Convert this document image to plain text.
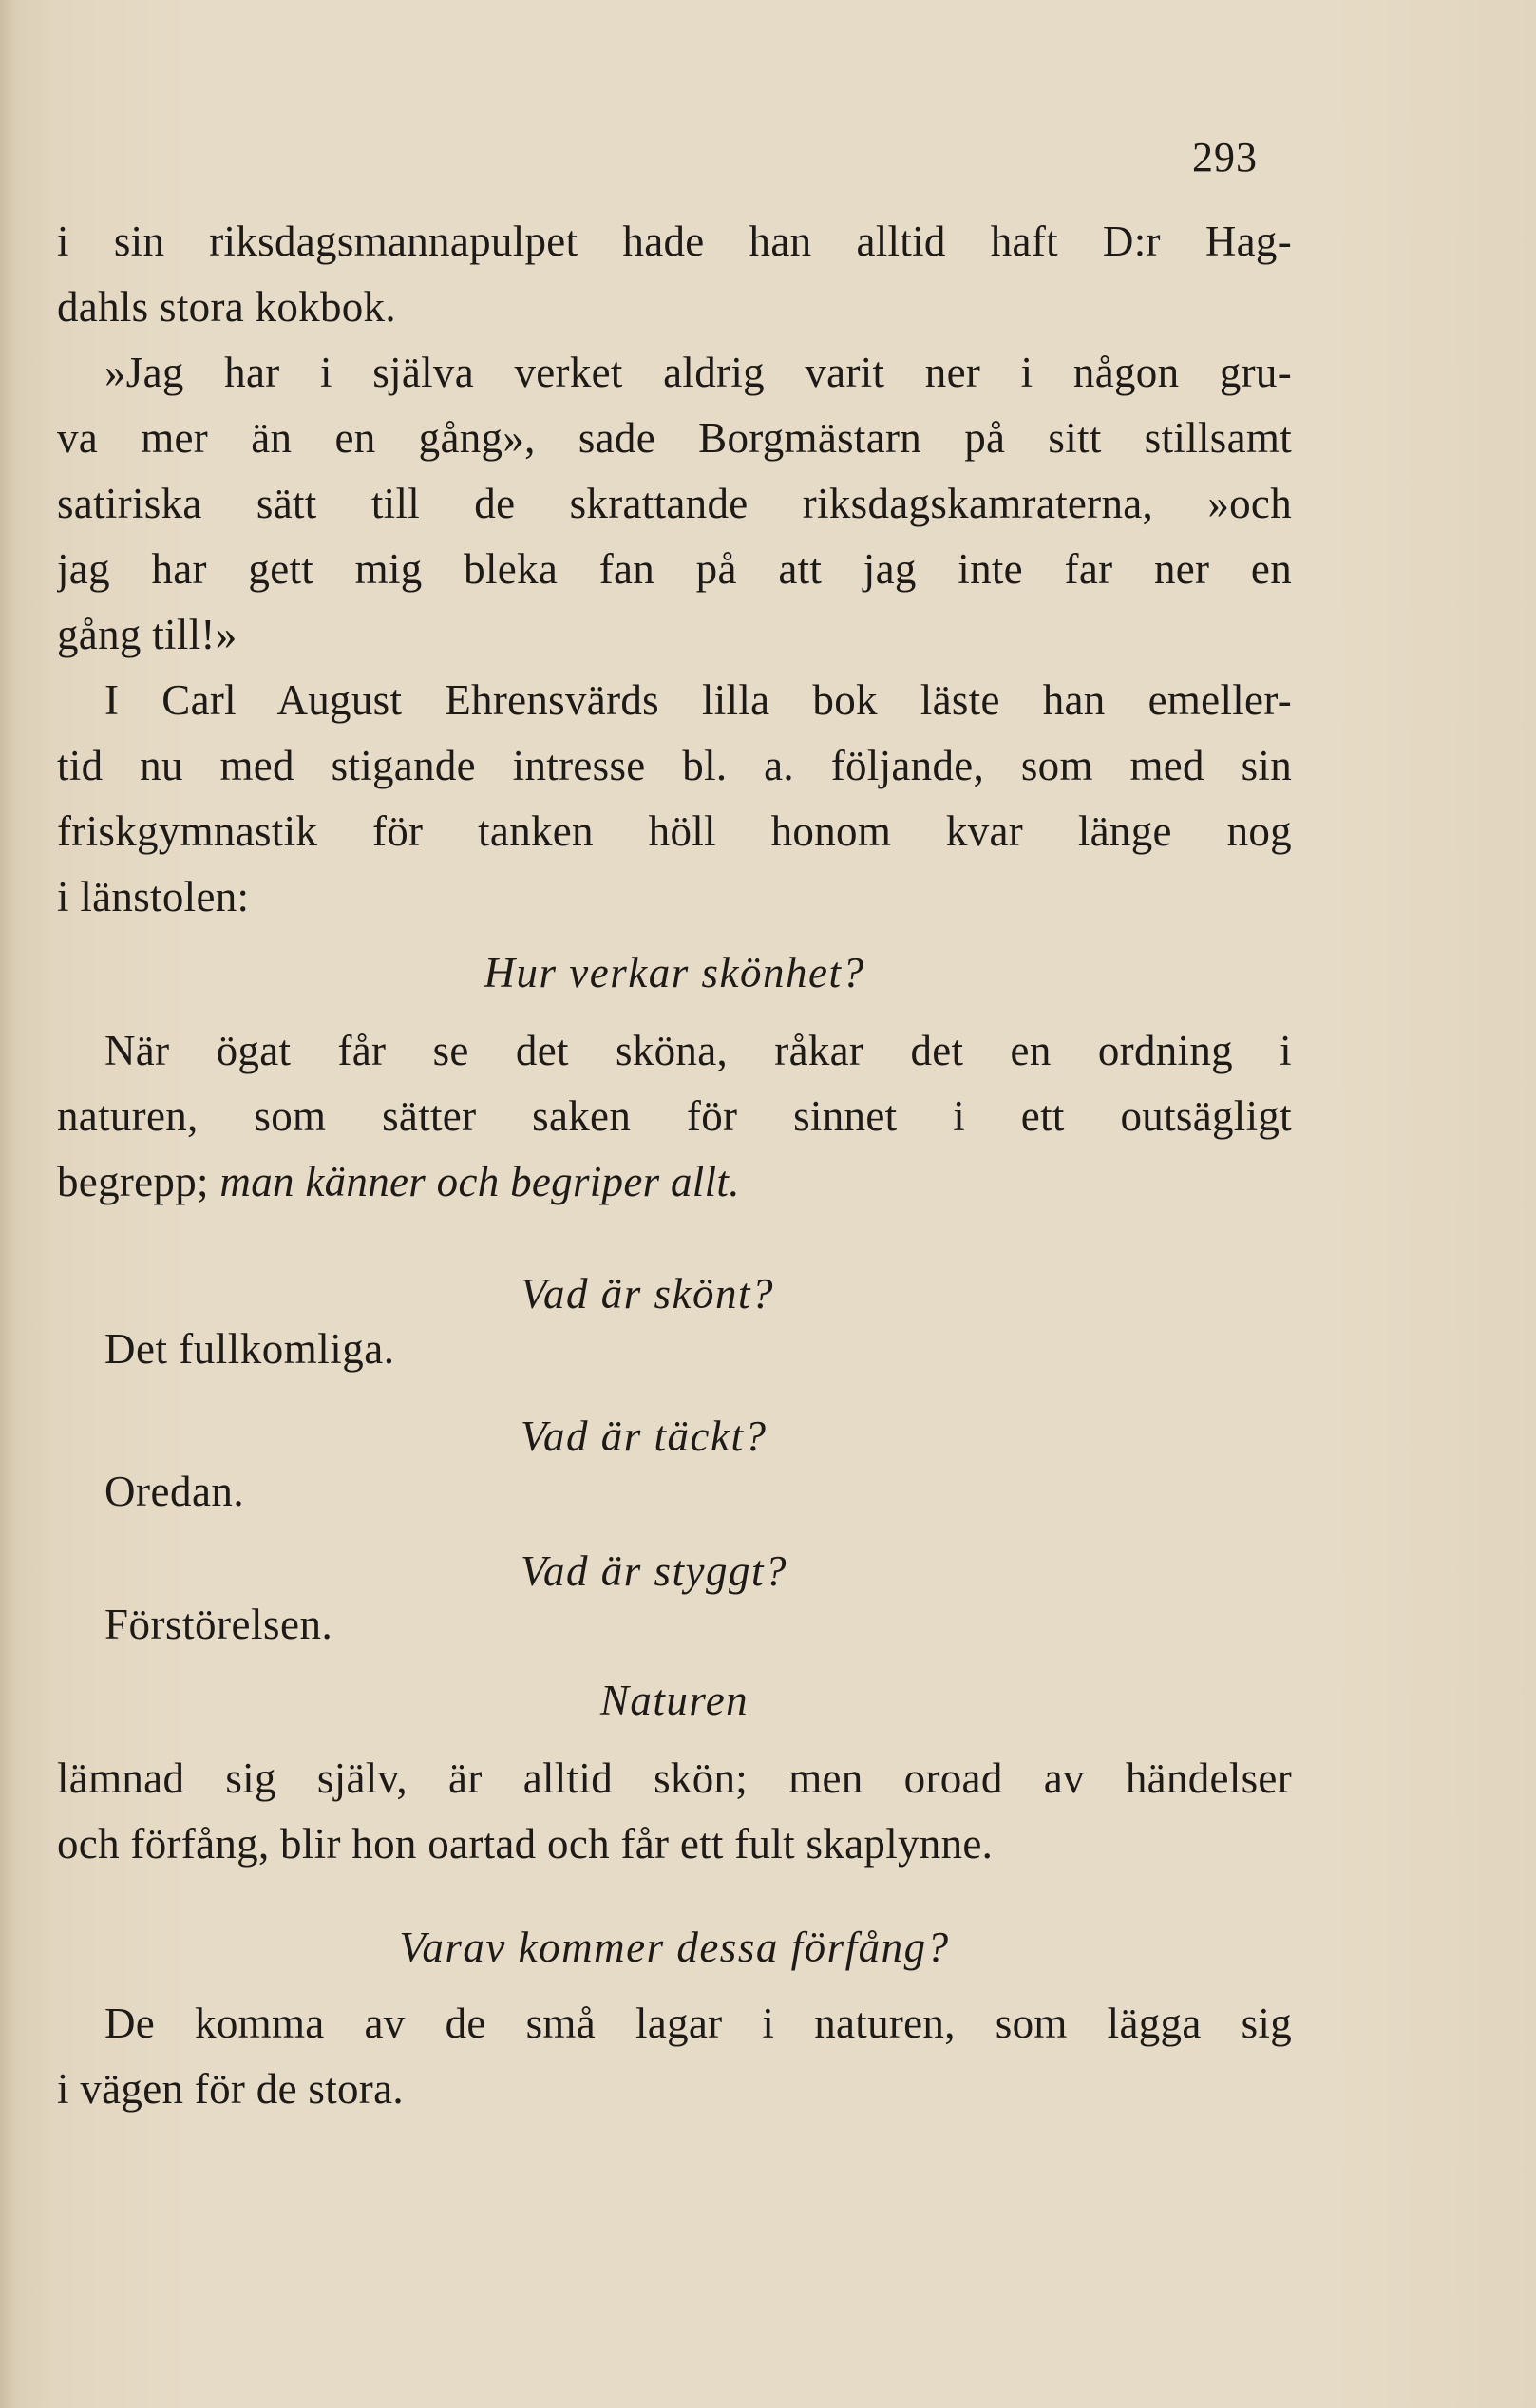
293
i sin riksdagsmannapulpet hade han alltid haft D:r Hag-
dahls stora kokbok.
»Jag har i själva verket aldrig varit ner i någon gru-
va mer än en gång», sade Borgmästarn på sitt stillsamt
satiriska sätt till de skrattande riksdagskamraterna, »och
jag har gett mig bleka fan på att jag inte far ner en
gång till!»
I Carl August Ehrensvärds lilla bok läste han emeller-
tid nu med stigande intresse bl. a. följande, som med sin
friskgymnastik för tanken höll honom kvar länge nog
i länstolen:
Hur verkar skönhet?
När ögat får se det sköna, råkar det en ordning i
naturen, som sätter saken för sinnet i ett outsägligt
begrepp; man känner och begriper allt.
Vad är skönt?
Det fullkomliga.
Vad är täckt?
Oredan.
Vad är styggt?
Förstörelsen.
Naturen
lämnad sig själv, är alltid skön; men oroad av händelser
och förfång, blir hon oartad och får ett fult skaplynne.
Varav kommer dessa förfång?
De komma av de små lagar i naturen, som lägga sig
i vägen för de stora.
